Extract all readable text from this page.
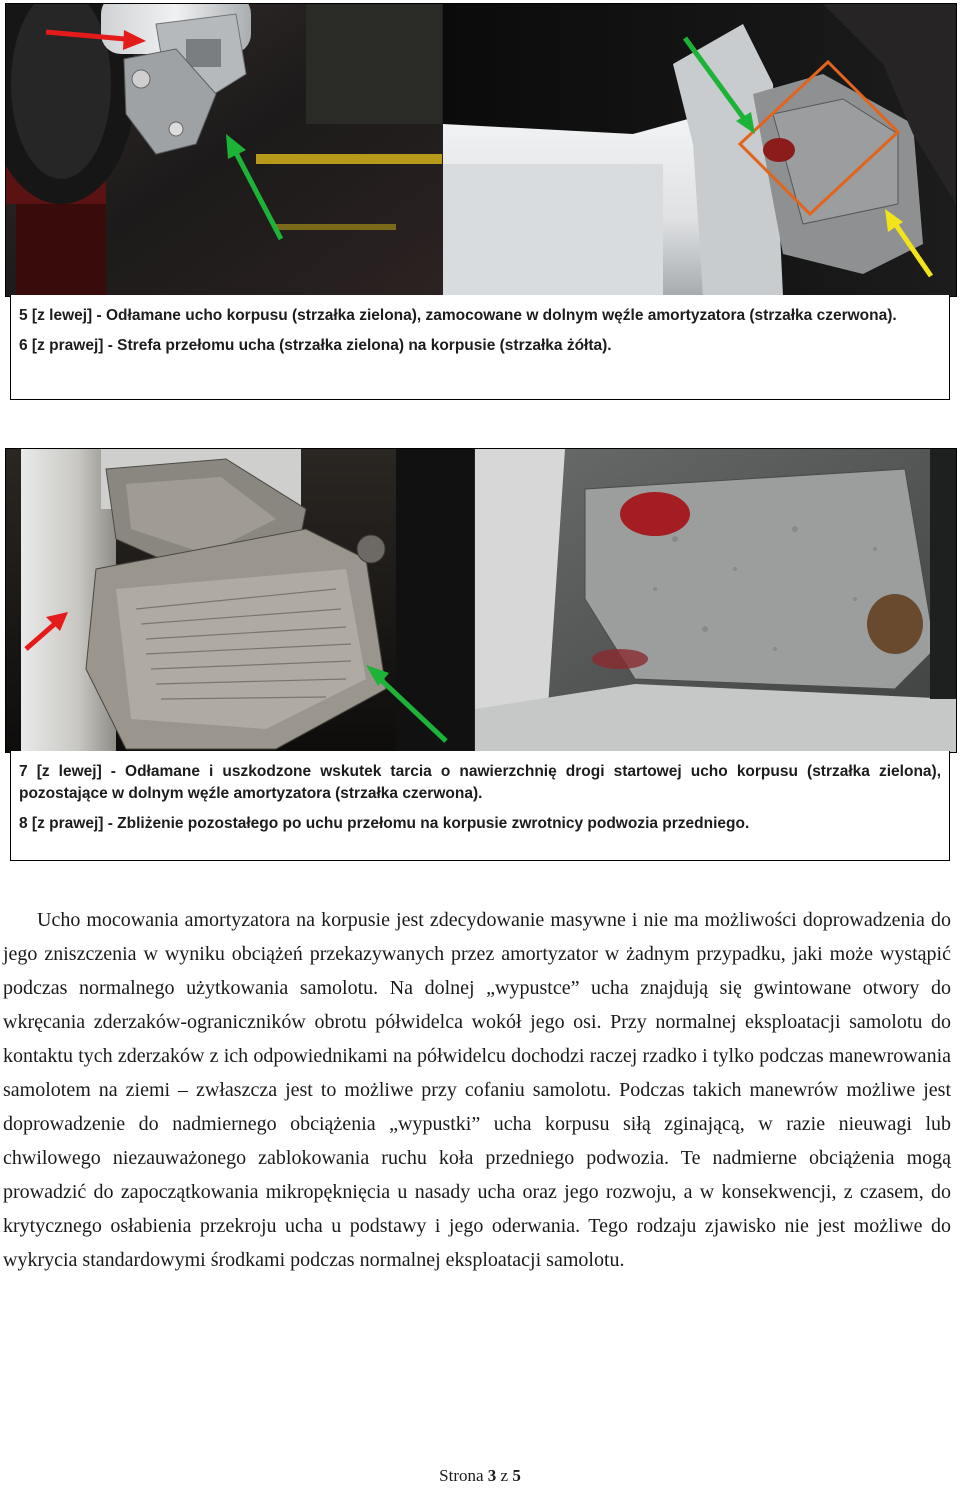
5 [z lewej] - Odłamane ucho korpusu (strzałka zielona), zamocowane w dolnym węźle amortyzatora (strzałka czerwona).

6 [z prawej] - Strefa przełomu ucha (strzałka zielona) na korpusie (strzałka żółta).

7 [z lewej] - Odłamane i uszkodzone wskutek tarcia o nawierzchnię drogi startowej ucho korpusu (strzałka zielona), pozostające w dolnym węźle amortyzatora (strzałka czerwona).

8 [z prawej] - Zbliżenie pozostałego po uchu przełomu na korpusie zwrotnicy podwozia przedniego.

Ucho mocowania amortyzatora na korpusie jest zdecydowanie masywne i nie ma możliwości doprowadzenia do jego zniszczenia w wyniku obciążeń przekazywanych przez amortyzator w żadnym przypadku, jaki może wystąpić podczas normalnego użytkowania samolotu. Na dolnej „wypustce” ucha znajdują się gwintowane otwory do wkręcania zderzaków-ograniczników obrotu półwidelca wokół jego osi. Przy normalnej eksploatacji samolotu do kontaktu tych zderzaków z ich odpowiednikami na półwidelcu dochodzi raczej rzadko i tylko podczas manewrowania samolotem na ziemi – zwłaszcza jest to możliwe przy cofaniu samolotu. Podczas takich manewrów możliwe jest doprowadzenie do nadmiernego obciążenia „wypustki” ucha korpusu siłą zginającą, w razie nieuwagi lub chwilowego niezauważonego zablokowania ruchu koła przedniego podwozia. Te nadmierne obciążenia mogą prowadzić do zapoczątkowania mikropęknięcia u nasady ucha oraz jego rozwoju, a w konsekwencji, z czasem, do krytycznego osłabienia przekroju ucha u podstawy i jego oderwania. Tego rodzaju zjawisko nie jest możliwe do wykrycia standardowymi środkami podczas normalnej eksploatacji samolotu.
Strona 3 z 5
